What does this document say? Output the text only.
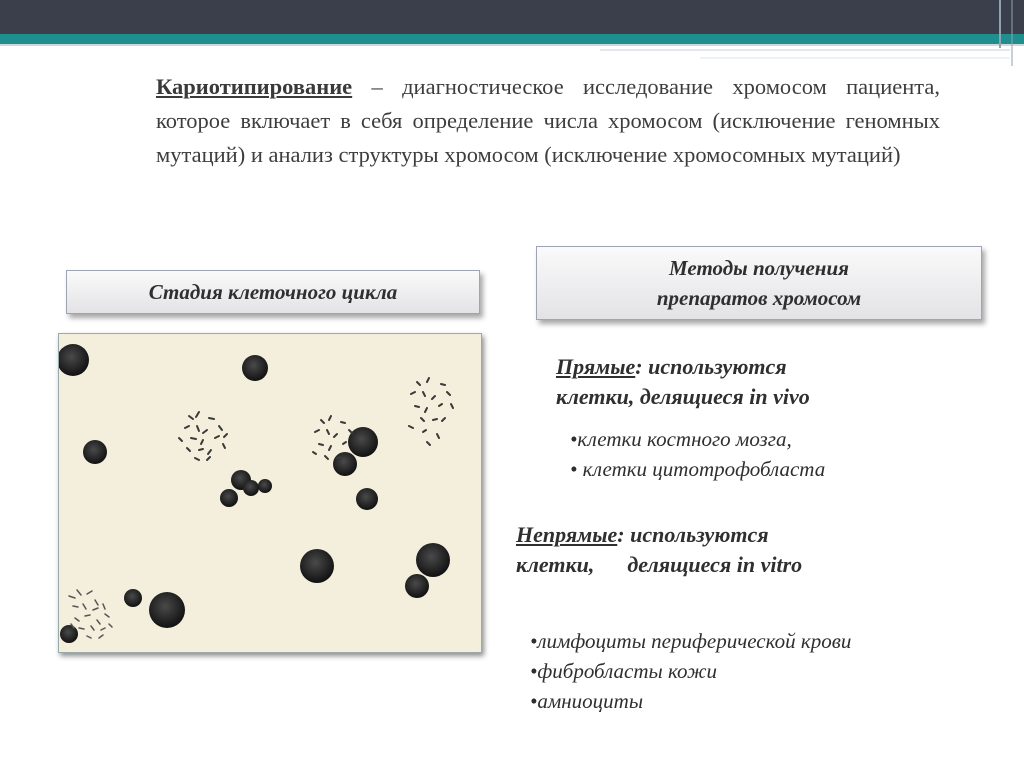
Кариотипирование – диагностическое исследование хромосом пациента, которое включает в себя определение числа хромосом (исключение геномных мутаций) и анализ структуры хромосом (исключение хромосомных мутаций)
Стадия клеточного цикла
Методы получения
препаратов хромосом
Прямые: используются
клетки, делящиеся in vivo
•клетки костного мозга,
• клетки цитотрофобласта
Непрямые: используются
клетки,      делящиеся in vitro
•лимфоциты периферической крови
•фибробласты кожи
•амниоциты
